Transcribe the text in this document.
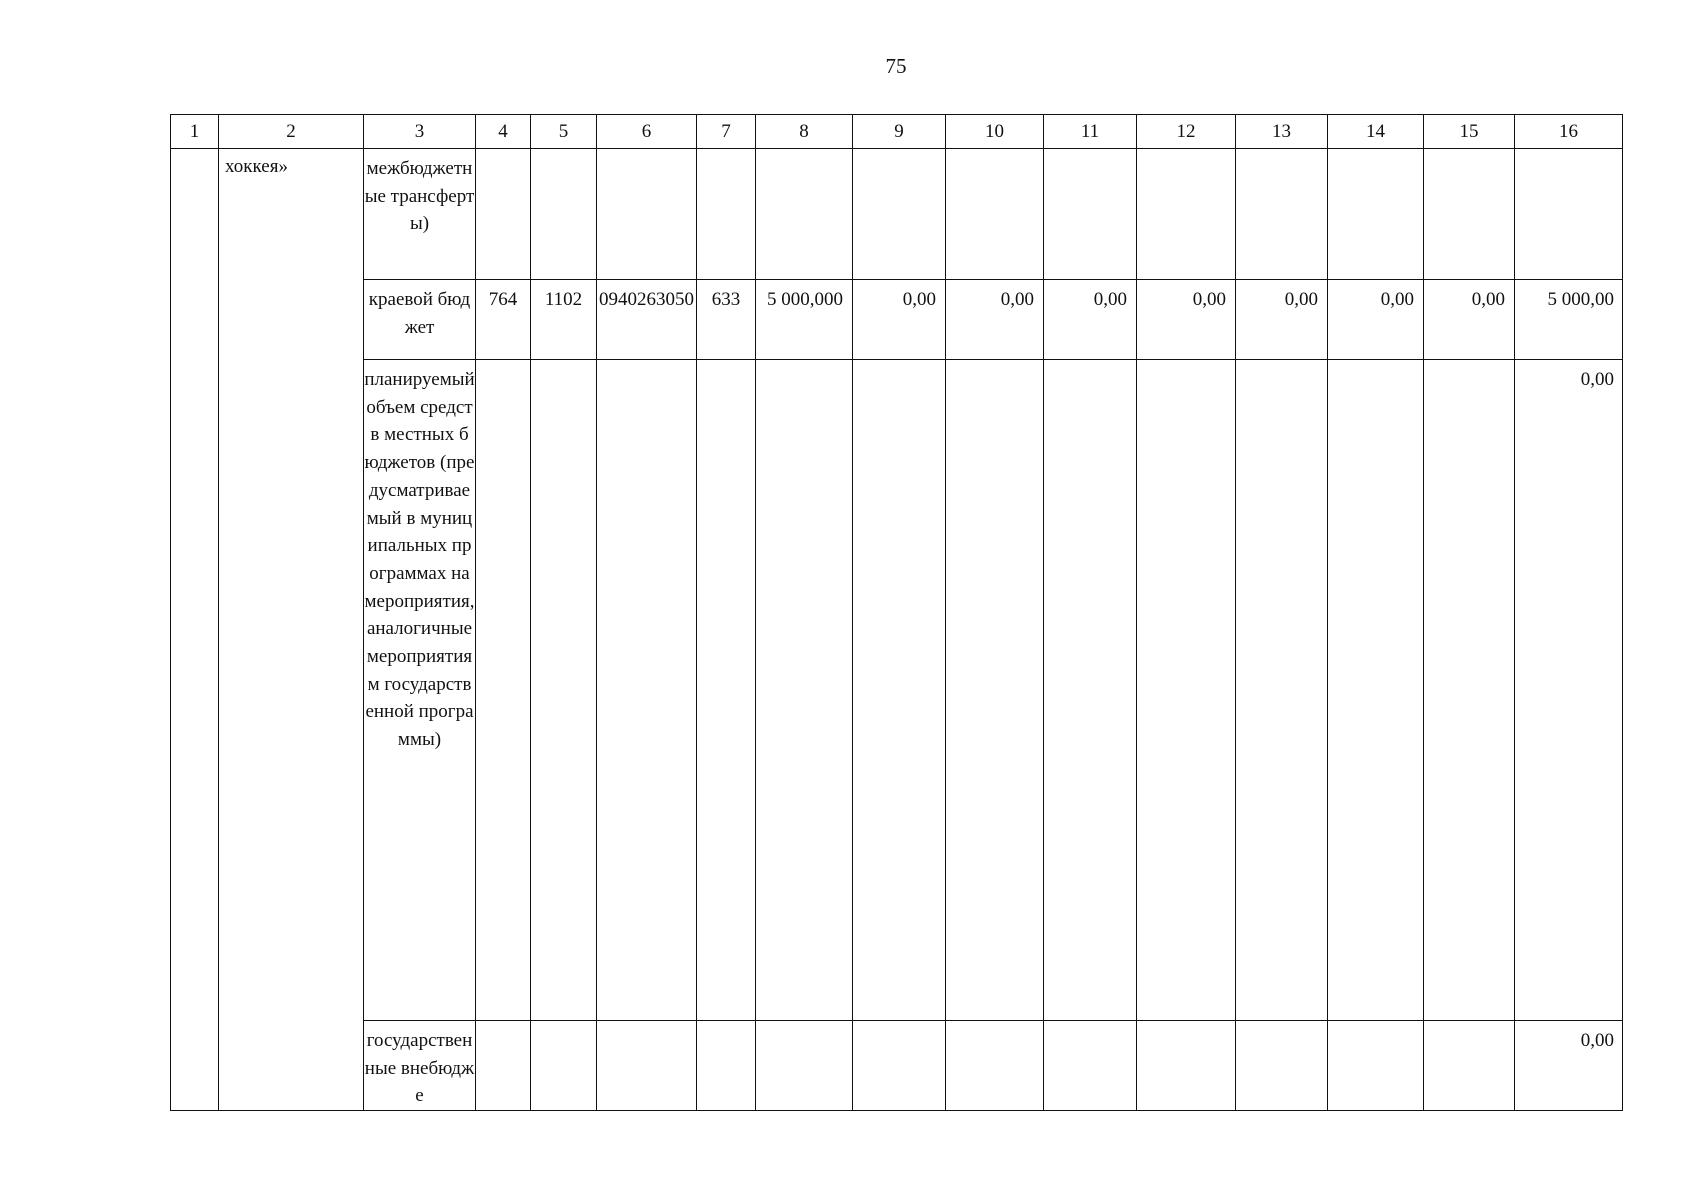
75
1	2	3	4	5	6	7	8	9	10	11	12	13	14	15	16
	хоккея»	межбюджетные трансферты)													
		краевой бюджет	764	1102	0940263050	633	5 000,000	0,00	0,00	0,00	0,00	0,00	0,00	0,00	5 000,00
		планируемый объем средств местных бюджетов (предусматриваемый в муниципальных программах на мероприятия, аналогичные мероприятиям государственной программы)													0,00
		государственные внебюдже													0,00
